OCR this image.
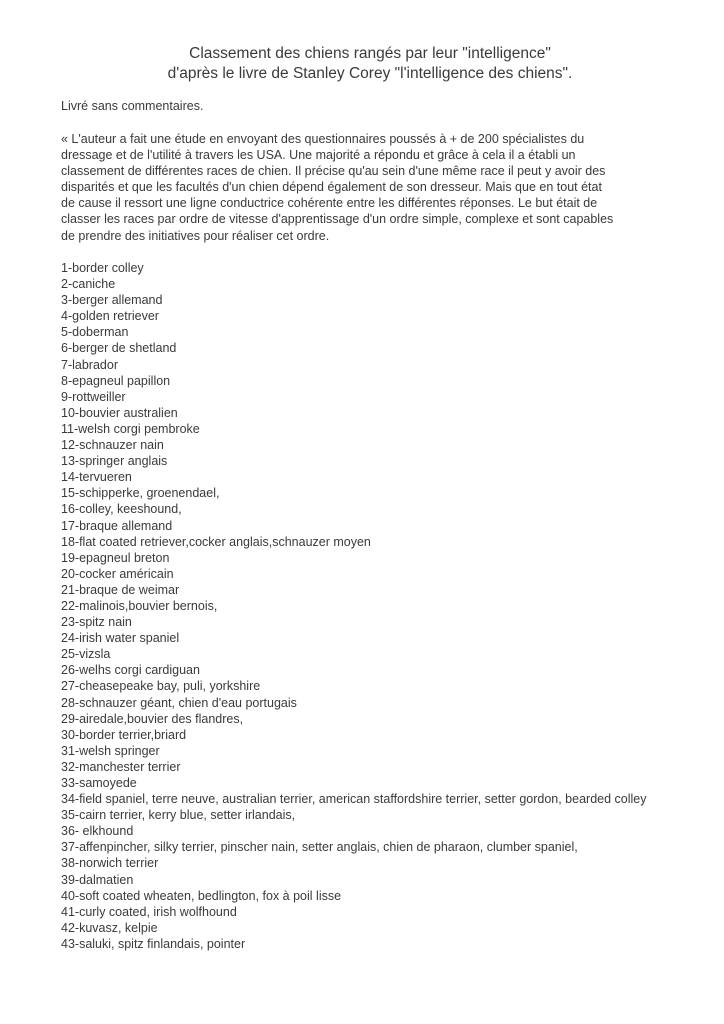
Classement des chiens rangés par leur "intelligence"
d'après le livre de Stanley Corey "l'intelligence des chiens".
Livré sans commentaires.
« L'auteur a fait une étude en envoyant des questionnaires poussés à + de 200 spécialistes du
dressage et de l'utilité à travers les USA. Une majorité a répondu et grâce à cela il a établi un
classement de différentes races de chien. Il précise qu'au sein d'une même race il peut y avoir des
disparités et que les facultés d'un chien dépend également de son dresseur. Mais que en tout état
de cause il ressort une ligne conductrice cohérente entre les différentes réponses. Le but était de
classer les races par ordre de vitesse d'apprentissage d'un ordre simple, complexe et sont capables
de prendre des initiatives pour réaliser cet ordre.
1-border colley
2-caniche
3-berger allemand
4-golden retriever
5-doberman
6-berger de shetland
7-labrador
8-epagneul papillon
9-rottweiller
10-bouvier australien
11-welsh corgi pembroke
12-schnauzer nain
13-springer anglais
14-tervueren
15-schipperke, groenendael,
16-colley, keeshound,
17-braque allemand
18-flat coated retriever,cocker anglais,schnauzer moyen
19-epagneul breton
20-cocker américain
21-braque de weimar
22-malinois,bouvier bernois,
23-spitz nain
24-irish water spaniel
25-vizsla
26-welhs corgi cardiguan
27-cheasepeake bay, puli, yorkshire
28-schnauzer géant, chien d'eau portugais
29-airedale,bouvier des flandres,
30-border terrier,briard
31-welsh springer
32-manchester terrier
33-samoyede
34-field spaniel, terre neuve, australian terrier, american staffordshire terrier, setter gordon, bearded colley
35-cairn terrier, kerry blue, setter irlandais,
36- elkhound
37-affenpincher, silky terrier, pinscher nain, setter anglais, chien de pharaon, clumber spaniel,
38-norwich terrier
39-dalmatien
40-soft coated wheaten, bedlington, fox à poil lisse
41-curly coated, irish wolfhound
42-kuvasz, kelpie
43-saluki, spitz finlandais, pointer
